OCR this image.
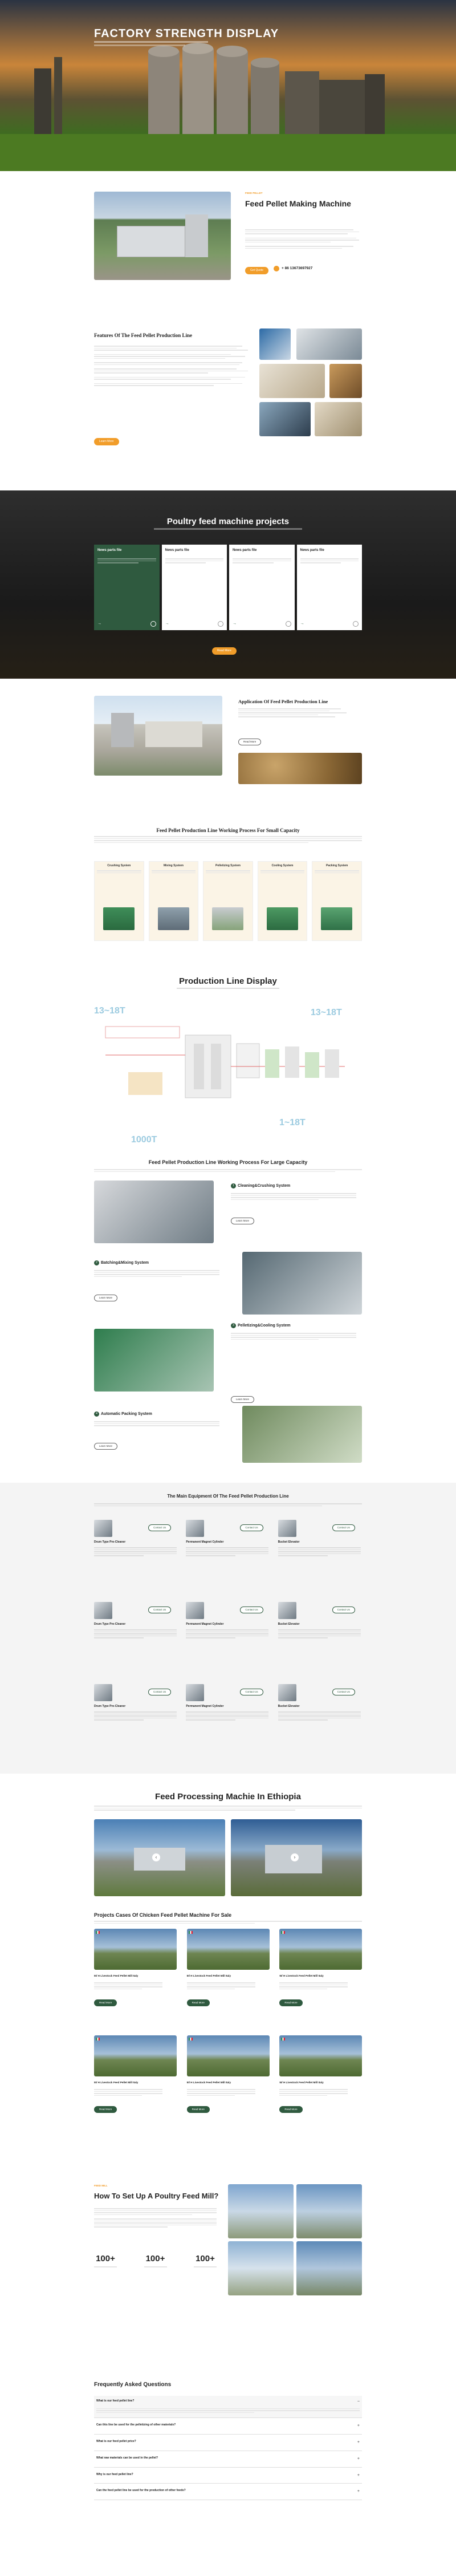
FACTORY STRENGTH DISPLAY
FEED PELLET
Feed Pellet Making Machine
Get Quote	+ 86 13673697927
Features Of The Feed Pellet Production Line
Learn More
Poultry feed machine projects
News parts file
→
News parts file
→
News parts file
→
News parts file
→
Read More
Application Of Feed Pellet Production Line
Read More
Feed Pellet Production Line Working Process For Small Capacity
Crushing System	Mixing System	Pelletizing System	Cooling System	Packing System
Production Line Display
13~18T	13~18T
1000T
1~18T
Feed Pellet Production Line Working Process For Large Capacity
1 Cleaning&Crushing System
Learn More
2 Batching&Mixing System
Learn More
3 Pelletizing&Cooling System
Learn More
4 Automatic Packing System
Learn More
The Main Equipment Of The Feed Pellet Production Line
Contact Us
Drum Type Pre-Cleaner
Contact Us
Permanent Magnet Cylinder
Contact Us
Bucket Elevator
Contact Us
Drum Type Pre-Cleaner
Contact Us
Permanent Magnet Cylinder
Contact Us
Bucket Elevator
Contact Us
Drum Type Pre-Cleaner
Contact Us
Permanent Magnet Cylinder
Contact Us
Bucket Elevator
Feed Processing Machie In Ethiopia
‹	›
Projects Cases Of Chicken Feed Pellet Machine For Sale
5t/ H Livestock Feed Pellet Mill Italy
Read More
5t/ H Livestock Feed Pellet Mill Italy
Read More
5t/ H Livestock Feed Pellet Mill Italy
Read More
5t/ H Livestock Feed Pellet Mill Italy
Read More
5t/ H Livestock Feed Pellet Mill Italy
Read More
5t/ H Livestock Feed Pellet Mill Italy
Read More
FEED MILL
How To Set Up A Poultry Feed Mill?
100+	100+	100+
Frequently Asked Questions
What is our feed pellet line?	−
Can this line be used for the pelletizing of other materials?	+
What is our feed pellet price?	+
What raw materials can be used in the pellet?	+
Why is our feed pellet line?	+
Can the feed pellet line be used for the production of other feeds?	+
